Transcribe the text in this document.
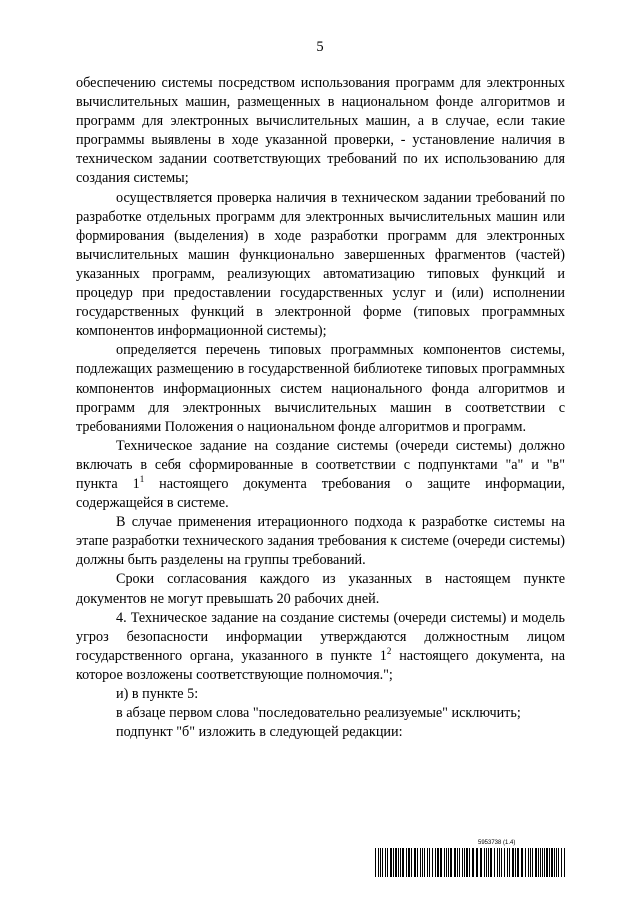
5

обеспечению системы посредством использования программ для электронных вычислительных машин, размещенных в национальном фонде алгоритмов и программ для электронных вычислительных машин, а в случае, если такие программы выявлены в ходе указанной проверки, - установление наличия в техническом задании соответствующих требований по их использованию для создания системы;

осуществляется проверка наличия в техническом задании требований по разработке отдельных программ для электронных вычислительных машин или формирования (выделения) в ходе разработки программ для электронных вычислительных машин функционально завершенных фрагментов (частей) указанных программ, реализующих автоматизацию типовых функций и процедур при предоставлении государственных услуг и (или) исполнении государственных функций в электронной форме (типовых программных компонентов информационной системы);

определяется перечень типовых программных компонентов системы, подлежащих размещению в государственной библиотеке типовых программных компонентов информационных систем национального фонда алгоритмов и программ для электронных вычислительных машин в соответствии с требованиями Положения о национальном фонде алгоритмов и программ.

Техническое задание на создание системы (очереди системы) должно включать в себя сформированные в соответствии с подпунктами "а" и "в" пункта $1^1$ настоящего документа требования о защите информации, содержащейся в системе.

В случае применения итерационного подхода к разработке системы на этапе разработки технического задания требования к системе (очереди системы) должны быть разделены на группы требований.

Сроки согласования каждого из указанных в настоящем пункте документов не могут превышать 20 рабочих дней.

4. Техническое задание на создание системы (очереди системы) и модель угроз безопасности информации утверждаются должностным лицом государственного органа, указанного в пункте $1^2$ настоящего документа, на которое возложены соответствующие полномочия.";

и) в пункте 5:

в абзаце первом слова "последовательно реализуемые" исключить;

подпункт "б" изложить в следующей редакции:

5953738 (1.4)
